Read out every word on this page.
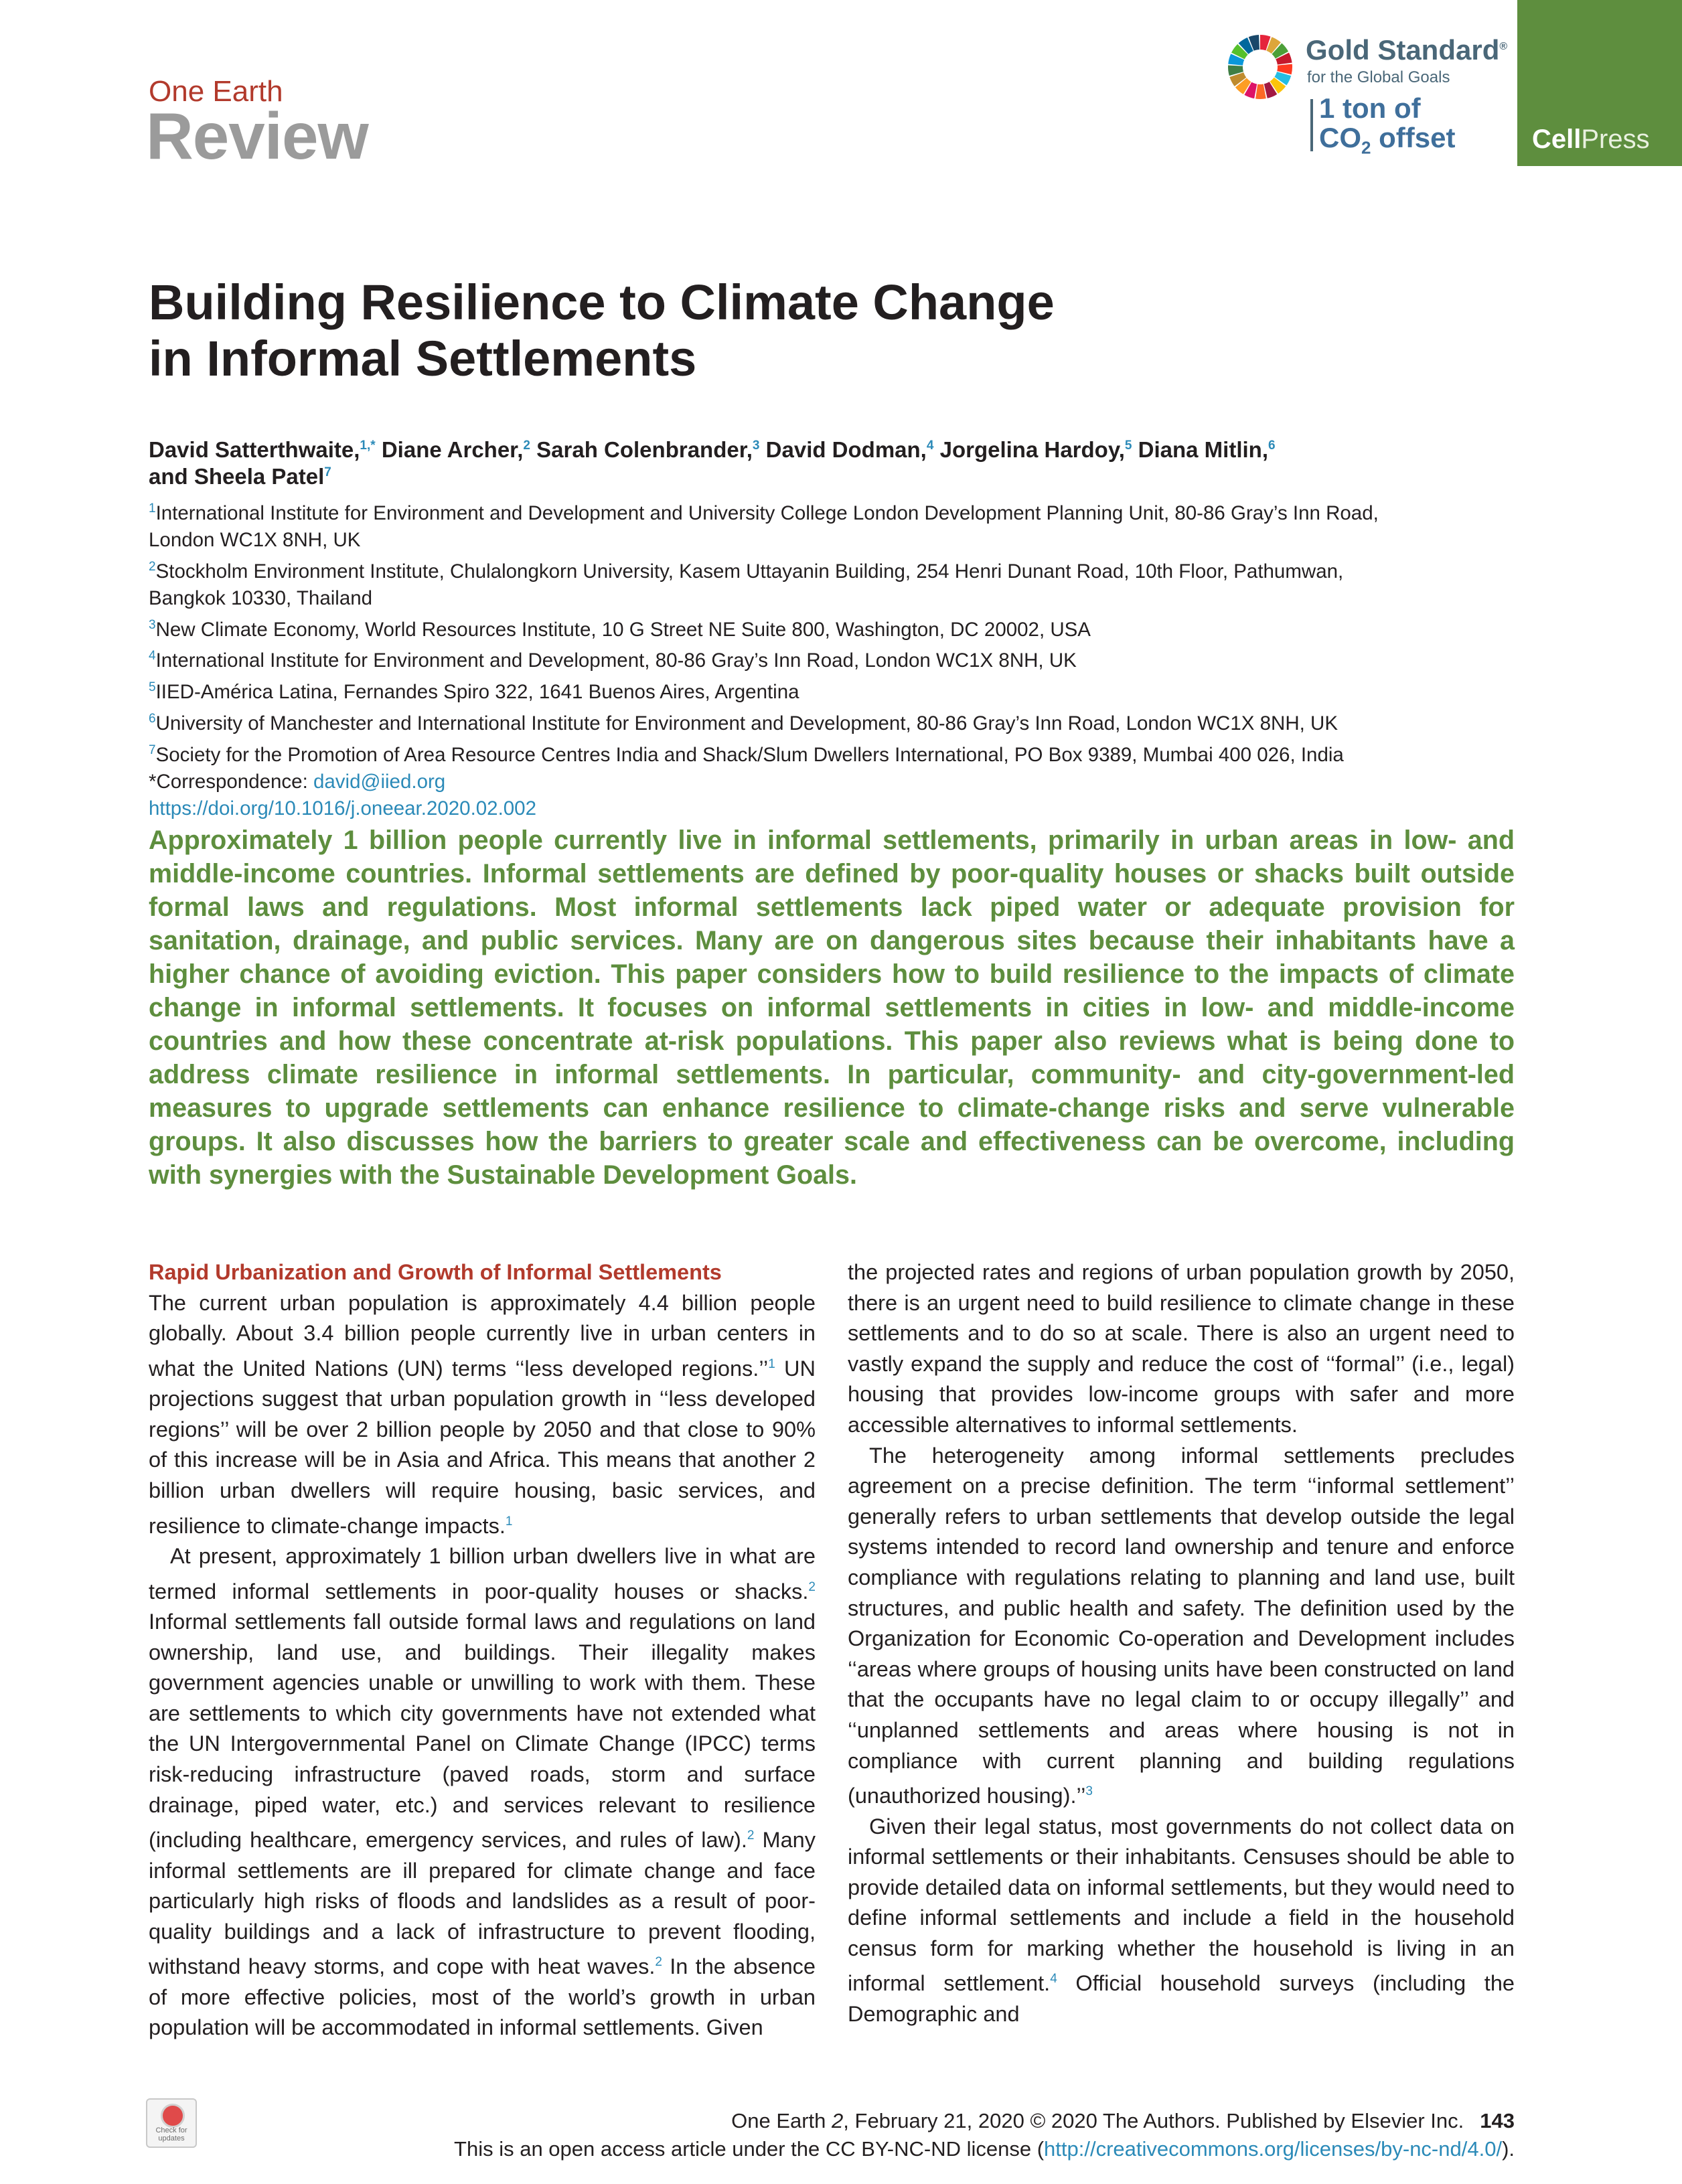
One Earth
Review
Gold Standard®
for the Global Goals
1 ton of
$CO_2$ offset	CellPress
Building Resilience to Climate Change
in Informal Settlements
David Satterthwaite,$^{1,*}$ Diane Archer,$^2$ Sarah Colenbrander,$^3$ David Dodman,$^4$ Jorgelina Hardoy,$^5$ Diana Mitlin,$^6$
and Sheela Patel$^7$
$^1$International Institute for Environment and Development and University College London Development Planning Unit, 80-86 Gray’s Inn Road,
London WC1X 8NH, UK
$^2$Stockholm Environment Institute, Chulalongkorn University, Kasem Uttayanin Building, 254 Henri Dunant Road, 10th Floor, Pathumwan,
Bangkok 10330, Thailand
$^3$New Climate Economy, World Resources Institute, 10 G Street NE Suite 800, Washington, DC 20002, USA
$^4$International Institute for Environment and Development, 80-86 Gray’s Inn Road, London WC1X 8NH, UK
$^5$IIED-América Latina, Fernandes Spiro 322, 1641 Buenos Aires, Argentina
$^6$University of Manchester and International Institute for Environment and Development, 80-86 Gray’s Inn Road, London WC1X 8NH, UK
$^7$Society for the Promotion of Area Resource Centres India and Shack/Slum Dwellers International, PO Box 9389, Mumbai 400 026, India
*Correspondence: david@iied.org
https://doi.org/10.1016/j.oneear.2020.02.002
Approximately 1 billion people currently live in informal settlements, primarily in urban areas in low- and middle-income countries. Informal settlements are defined by poor-quality houses or shacks built outside formal laws and regulations. Most informal settlements lack piped water or adequate provision for sanitation, drainage, and public services. Many are on dangerous sites because their inhabitants have a higher chance of avoiding eviction. This paper considers how to build resilience to the impacts of climate change in informal settlements. It focuses on informal settlements in cities in low- and middle-income countries and how these concentrate at-risk populations. This paper also reviews what is being done to address climate resilience in informal settlements. In particular, community- and city-government-led measures to upgrade settlements can enhance resilience to climate-change risks and serve vulnerable groups. It also discusses how the barriers to greater scale and effectiveness can be overcome, including with synergies with the Sustainable Development Goals.
Rapid Urbanization and Growth of Informal Settlements

The current urban population is approximately 4.4 billion people globally. About 3.4 billion people currently live in urban centers in what the United Nations (UN) terms ‘‘less developed regions.’’$^1$ UN projections suggest that urban population growth in ‘‘less developed regions’’ will be over 2 billion people by 2050 and that close to 90% of this increase will be in Asia and Africa. This means that another 2 billion urban dwellers will require housing, basic services, and resilience to climate-change impacts.$^1$

At present, approximately 1 billion urban dwellers live in what are termed informal settlements in poor-quality houses or shacks.$^2$ Informal settlements fall outside formal laws and regulations on land ownership, land use, and buildings. Their illegality makes government agencies unable or unwilling to work with them. These are settlements to which city governments have not extended what the UN Intergovernmental Panel on Climate Change (IPCC) terms risk-reducing infrastructure (paved roads, storm and surface drainage, piped water, etc.) and services relevant to resilience (including healthcare, emergency services, and rules of law).$^2$ Many informal settlements are ill prepared for climate change and face particularly high risks of floods and landslides as a result of poor-quality buildings and a lack of infrastructure to prevent flooding, withstand heavy storms, and cope with heat waves.$^2$ In the absence of more effective policies, most of the world’s growth in urban population will be accommodated in informal settlements. Given

the projected rates and regions of urban population growth by 2050, there is an urgent need to build resilience to climate change in these settlements and to do so at scale. There is also an urgent need to vastly expand the supply and reduce the cost of ‘‘formal’’ (i.e., legal) housing that provides low-income groups with safer and more accessible alternatives to informal settlements.

The heterogeneity among informal settlements precludes agreement on a precise definition. The term ‘‘informal settlement’’ generally refers to urban settlements that develop outside the legal systems intended to record land ownership and tenure and enforce compliance with regulations relating to planning and land use, built structures, and public health and safety. The definition used by the Organization for Economic Co-operation and Development includes ‘‘areas where groups of housing units have been constructed on land that the occupants have no legal claim to or occupy illegally’’ and ‘‘unplanned settlements and areas where housing is not in compliance with current planning and building regulations (unauthorized housing).’’$^3$

Given their legal status, most governments do not collect data on informal settlements or their inhabitants. Censuses should be able to provide detailed data on informal settlements, but they would need to define informal settlements and include a field in the household census form for marking whether the household is living in an informal settlement.$^4$ Official household surveys (including the Demographic and

Check for updates
One Earth 2, February 21, 2020 © 2020 The Authors. Published by Elsevier Inc. 143
This is an open access article under the CC BY-NC-ND license (http://creativecommons.org/licenses/by-nc-nd/4.0/).
